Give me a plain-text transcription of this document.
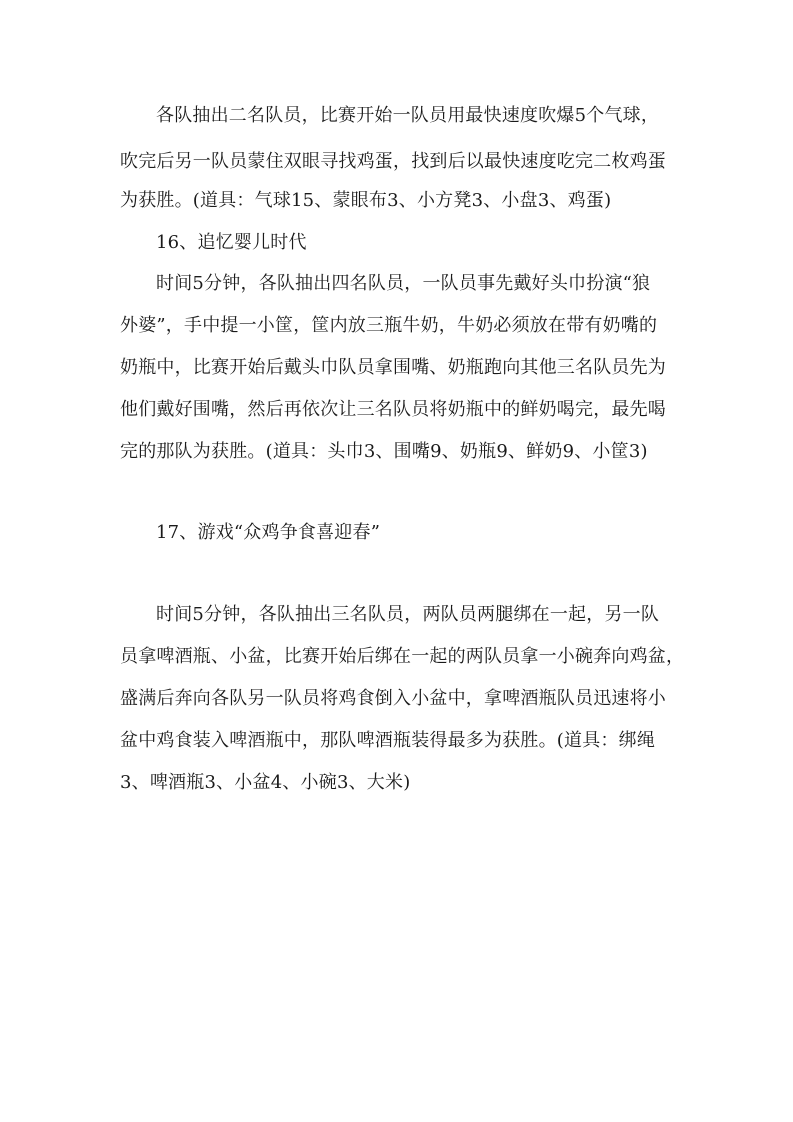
各队抽出二名队员，比赛开始一队员用最快速度吹爆5个气球，
吹完后另一队员蒙住双眼寻找鸡蛋，找到后以最快速度吃完二枚鸡蛋
为获胜。(道具：气球15、蒙眼布3、小方凳3、小盘3、鸡蛋)
16、追忆婴儿时代
时间5分钟，各队抽出四名队员，一队员事先戴好头巾扮演“狼
外婆”，手中提一小筐，筐内放三瓶牛奶，牛奶必须放在带有奶嘴的
奶瓶中，比赛开始后戴头巾队员拿围嘴、奶瓶跑向其他三名队员先为
他们戴好围嘴，然后再依次让三名队员将奶瓶中的鲜奶喝完，最先喝
完的那队为获胜。(道具：头巾3、围嘴9、奶瓶9、鲜奶9、小筐3)
17、游戏“众鸡争食喜迎春”
时间5分钟，各队抽出三名队员，两队员两腿绑在一起，另一队
员拿啤酒瓶、小盆，比赛开始后绑在一起的两队员拿一小碗奔向鸡盆，
盛满后奔向各队另一队员将鸡食倒入小盆中，拿啤酒瓶队员迅速将小
盆中鸡食装入啤酒瓶中，那队啤酒瓶装得最多为获胜。(道具：绑绳
3、啤酒瓶3、小盆4、小碗3、大米)
